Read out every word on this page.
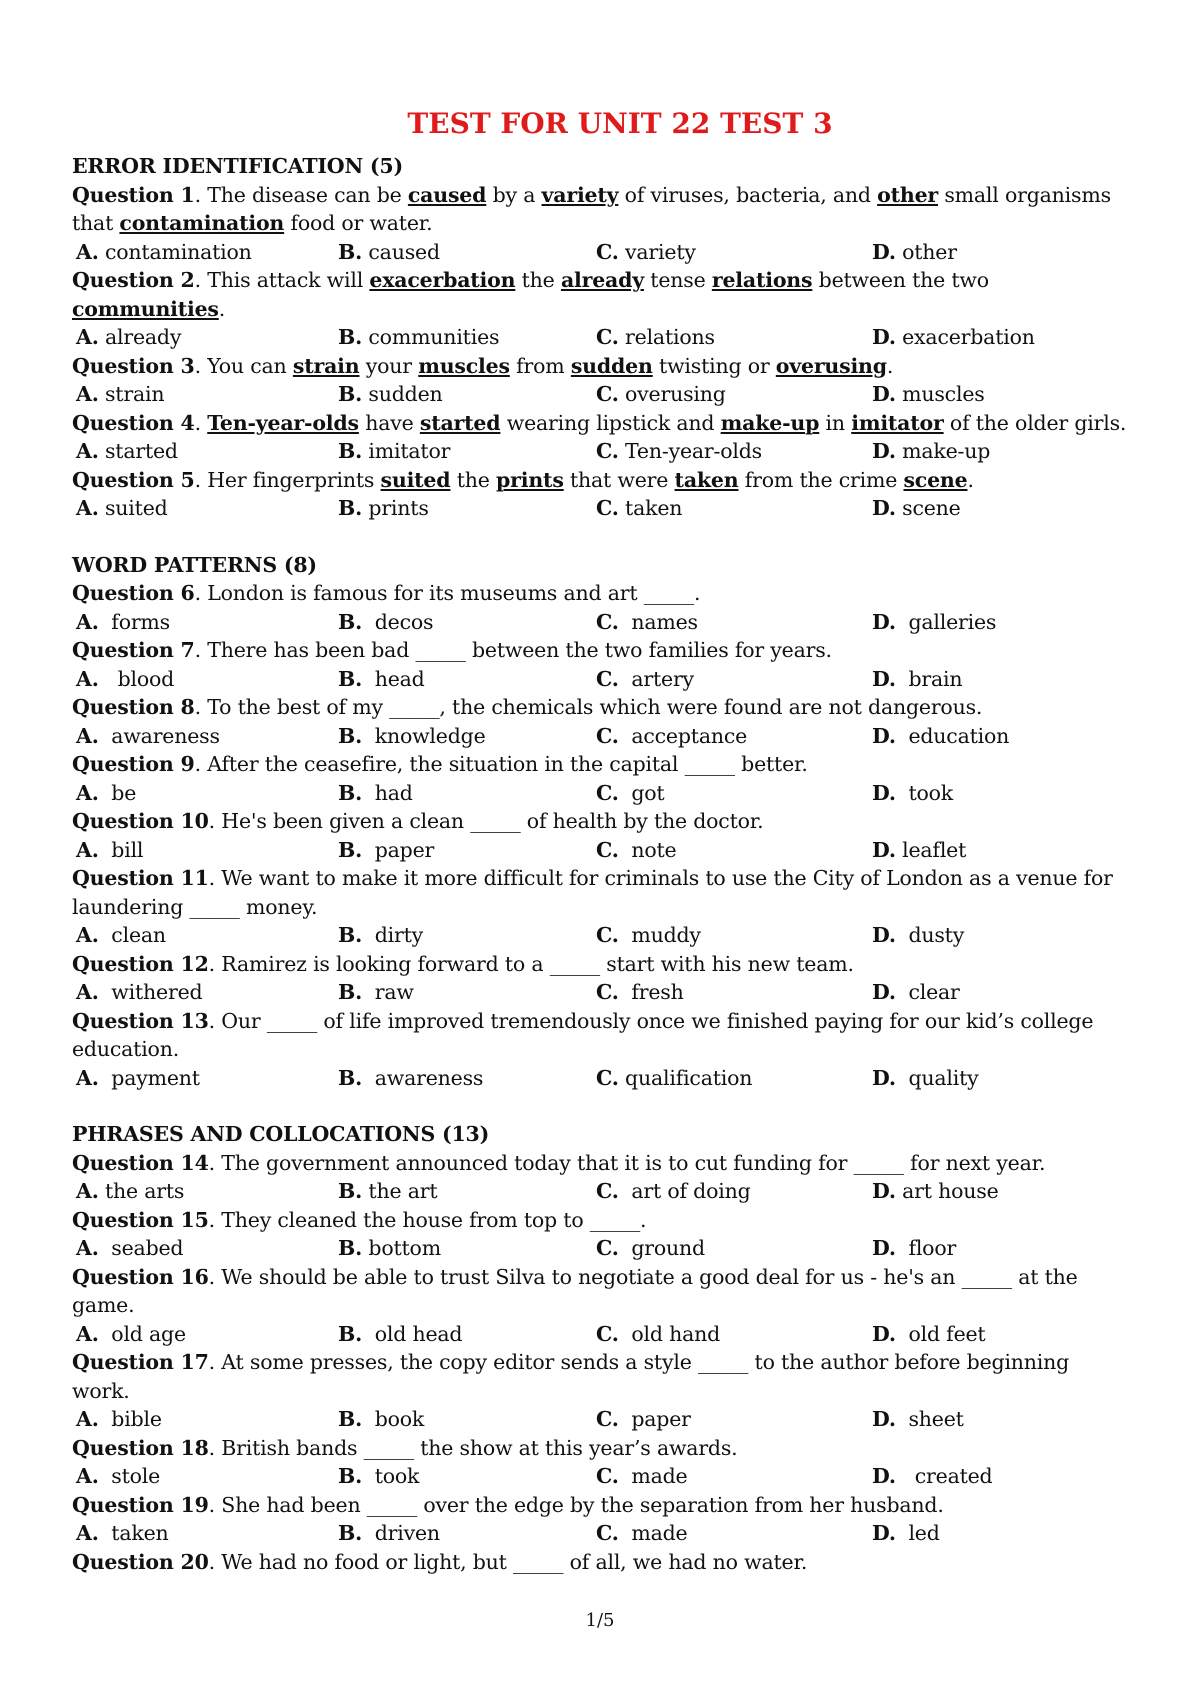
TEST FOR UNIT 22 TEST 3
ERROR IDENTIFICATION (5)
Question 1. The disease can be caused by a variety of viruses, bacteria, and other small organisms that contamination food or water.
A. contamination	B. caused	C. variety	D. other
Question 2. This attack will exacerbation the already tense relations between the two communities.
A. already	B. communities	C. relations	D. exacerbation
Question 3. You can strain your muscles from sudden twisting or overusing.
A. strain	B. sudden	C. overusing	D. muscles
Question 4. Ten-year-olds have started wearing lipstick and make-up in imitator of the older girls.
A. started	B. imitator	C. Ten-year-olds	D. make-up
Question 5. Her fingerprints suited the prints that were taken from the crime scene.
A. suited	B. prints	C. taken	D. scene
WORD PATTERNS (8)
Question 6. London is famous for its museums and art _____.
A.  forms	B.  decos	C.  names	D.  galleries
Question 7. There has been bad _____ between the two families for years.
A.   blood	B.  head	C.  artery	D.  brain
Question 8. To the best of my _____, the chemicals which were found are not dangerous.
A.  awareness	B.  knowledge	C.  acceptance	D.  education
Question 9. After the ceasefire, the situation in the capital _____ better.
A.  be	B.  had	C.  got	D.  took
Question 10. He's been given a clean _____ of health by the doctor.
A.  bill	B.  paper	C.  note	D. leaflet
Question 11. We want to make it more difficult for criminals to use the City of London as a venue for laundering _____ money.
A.  clean	B.  dirty	C.  muddy	D.  dusty
Question 12. Ramirez is looking forward to a _____ start with his new team.
A.  withered	B.  raw	C.  fresh	D.  clear
Question 13. Our _____ of life improved tremendously once we finished paying for our kid’s college education.
A.  payment	B.  awareness	C. qualification	D.  quality
PHRASES AND COLLOCATIONS (13)
Question 14. The government announced today that it is to cut funding for _____ for next year.
A. the arts	B. the art	C.  art of doing	D. art house
Question 15. They cleaned the house from top to _____.
A.  seabed	B. bottom	C.  ground	D.  floor
Question 16. We should be able to trust Silva to negotiate a good deal for us - he's an _____ at the game.
A.  old age	B.  old head	C.  old hand	D.  old feet
Question 17. At some presses, the copy editor sends a style _____ to the author before beginning work.
A.  bible	B.  book	C.  paper	D.  sheet
Question 18. British bands _____ the show at this year’s awards.
A.  stole	B.  took	C.  made	D.   created
Question 19. She had been _____ over the edge by the separation from her husband.
A.  taken	B.  driven	C.  made	D.  led
Question 20. We had no food or light, but _____ of all, we had no water.
1/5
